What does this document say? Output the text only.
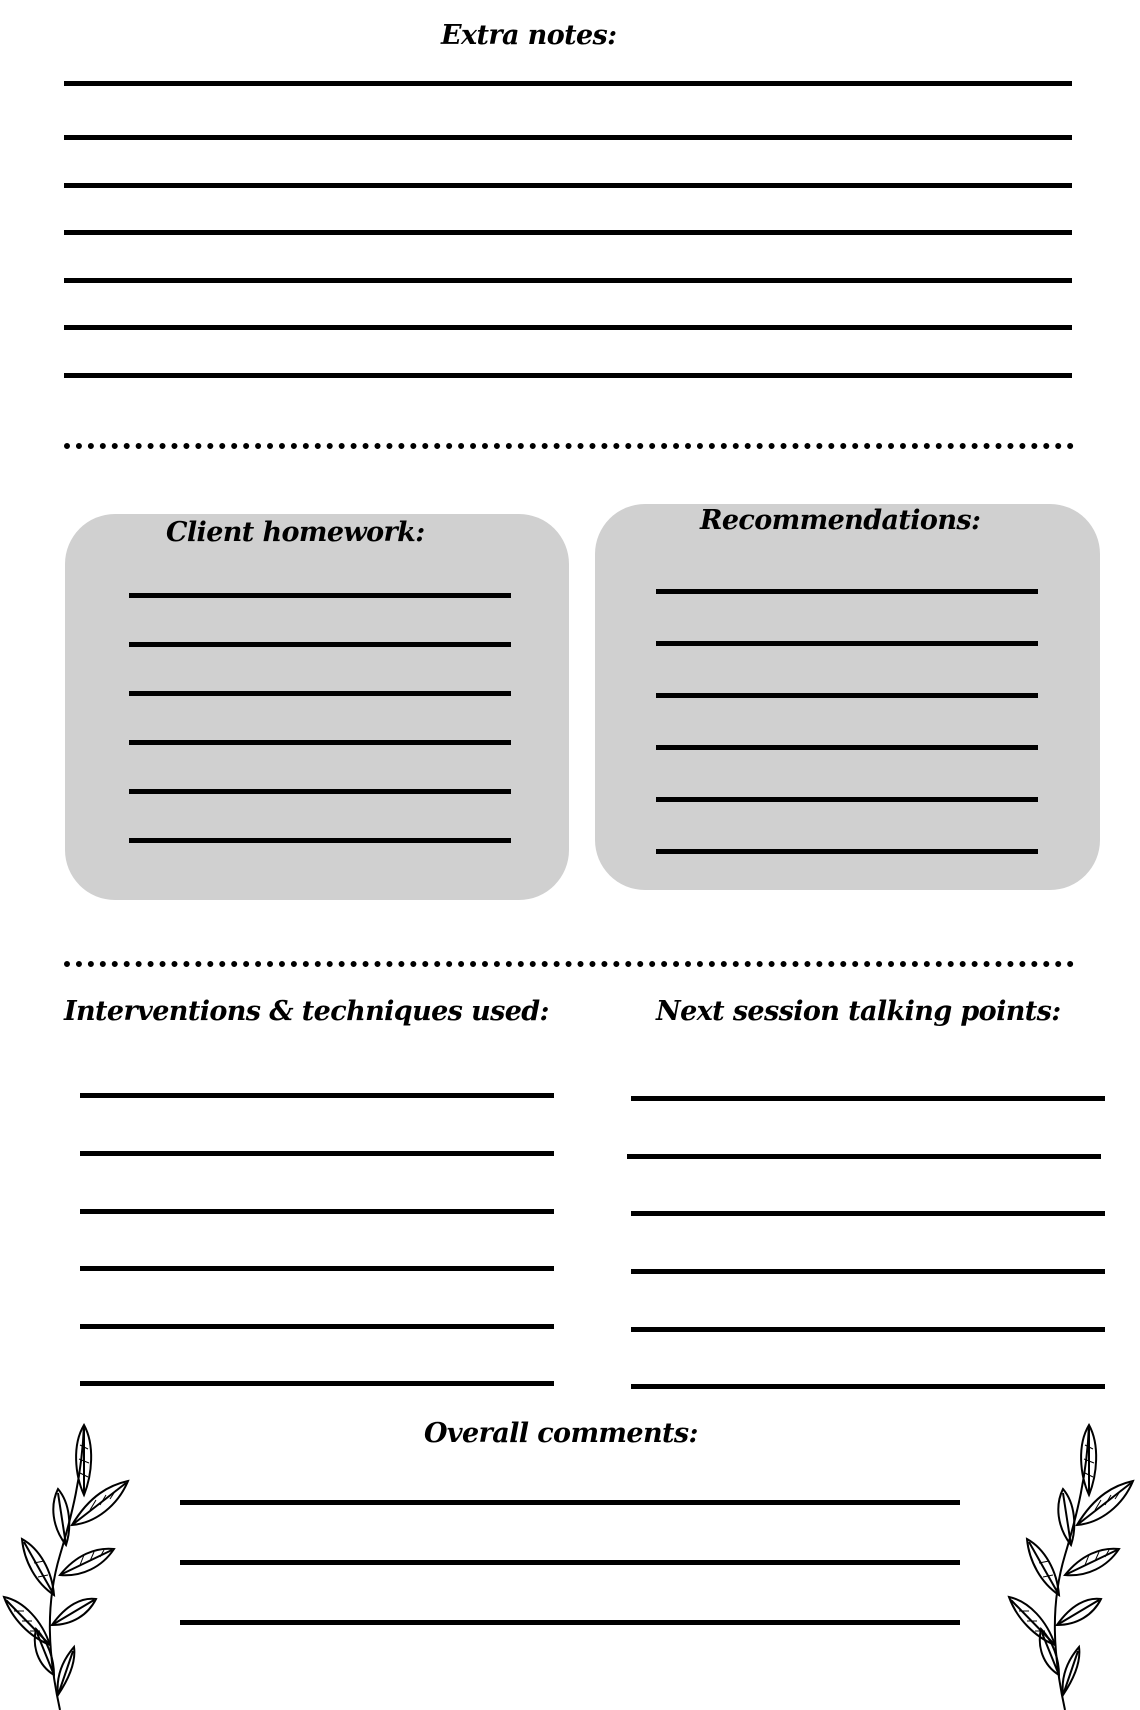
Extra notes:
Client homework:	Recommendations:
Interventions & techniques used:	Next session talking points:
Overall comments:
